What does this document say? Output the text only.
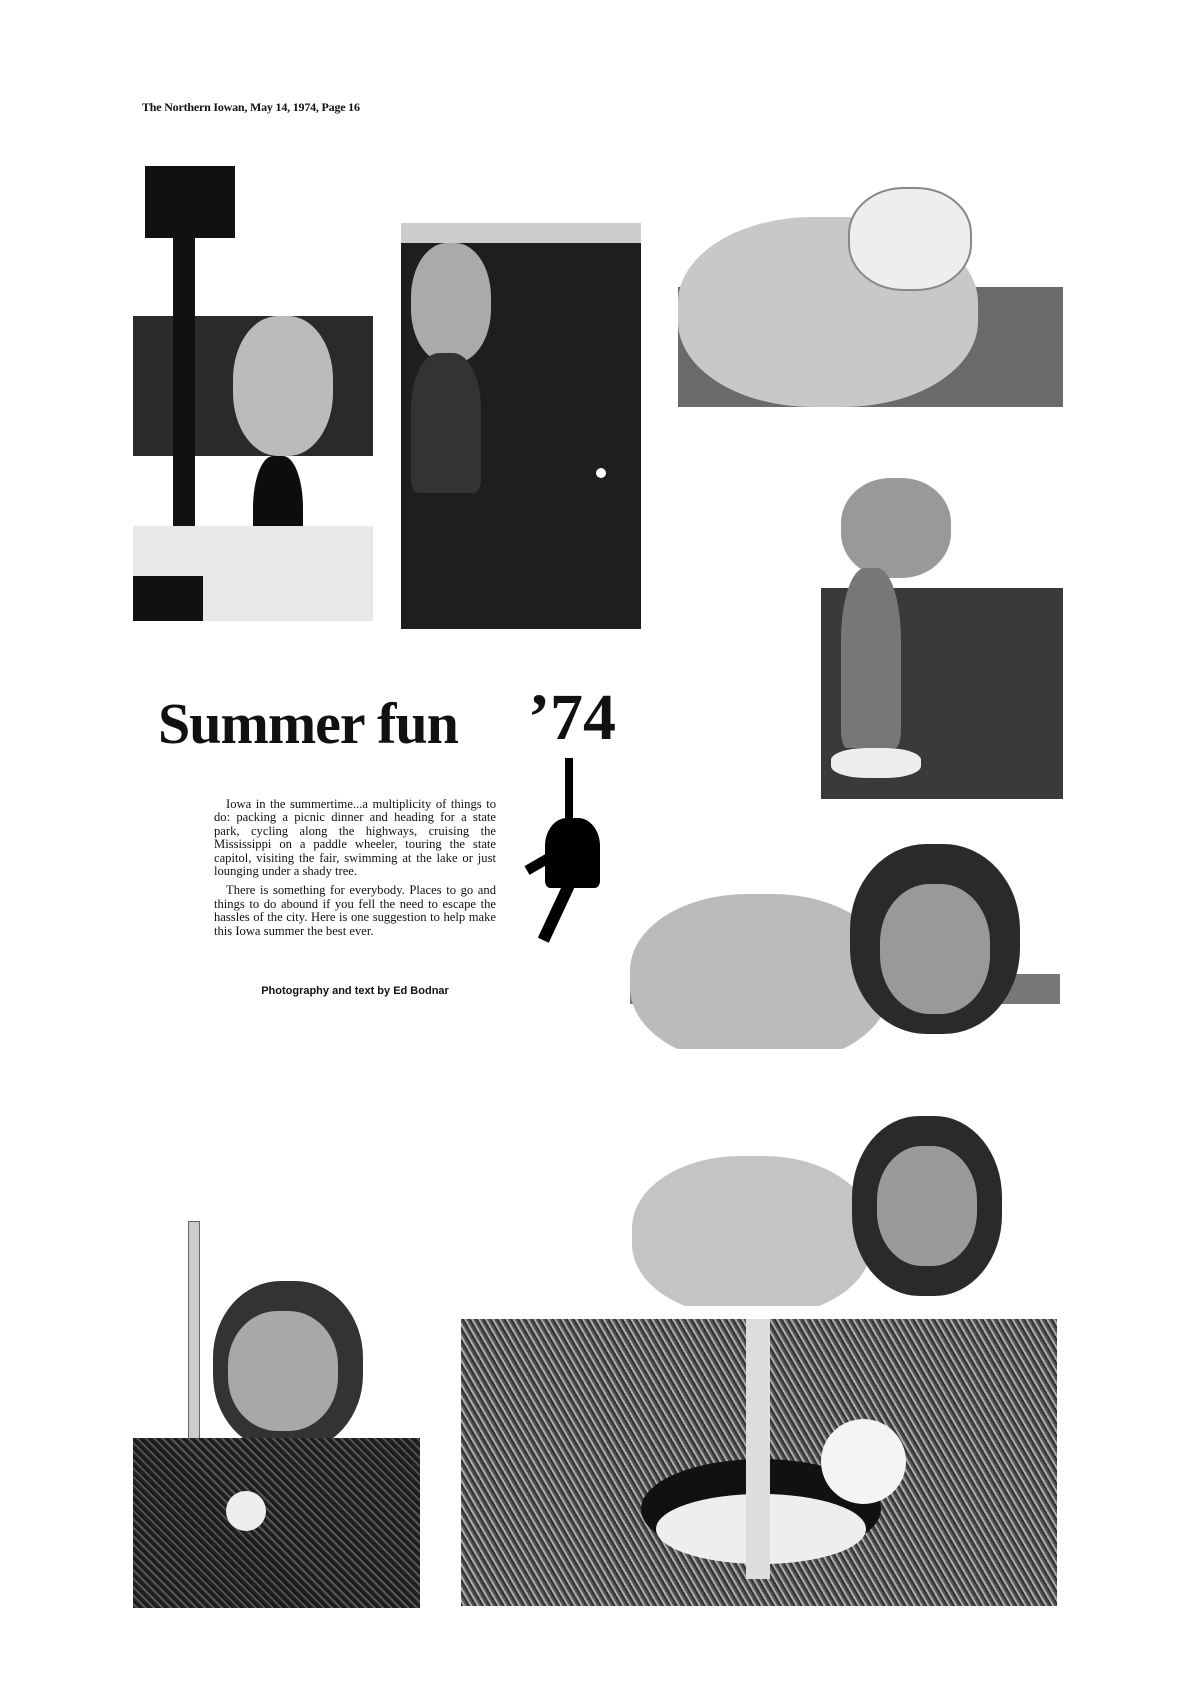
The Northern Iowan, May 14, 1974, Page 16
Summer fun ’74

Iowa in the summertime...a multiplicity of things to do: packing a picnic dinner and heading for a state park, cycling along the highways, cruising the Mississippi on a paddle wheeler, touring the state capitol, visiting the fair, swimming at the lake or just lounging under a shady tree.

There is something for everybody. Places to go and things to do abound if you fell the need to escape the hassles of the city. Here is one suggestion to help make this Iowa summer the best ever.

Photography and text by Ed Bodnar
